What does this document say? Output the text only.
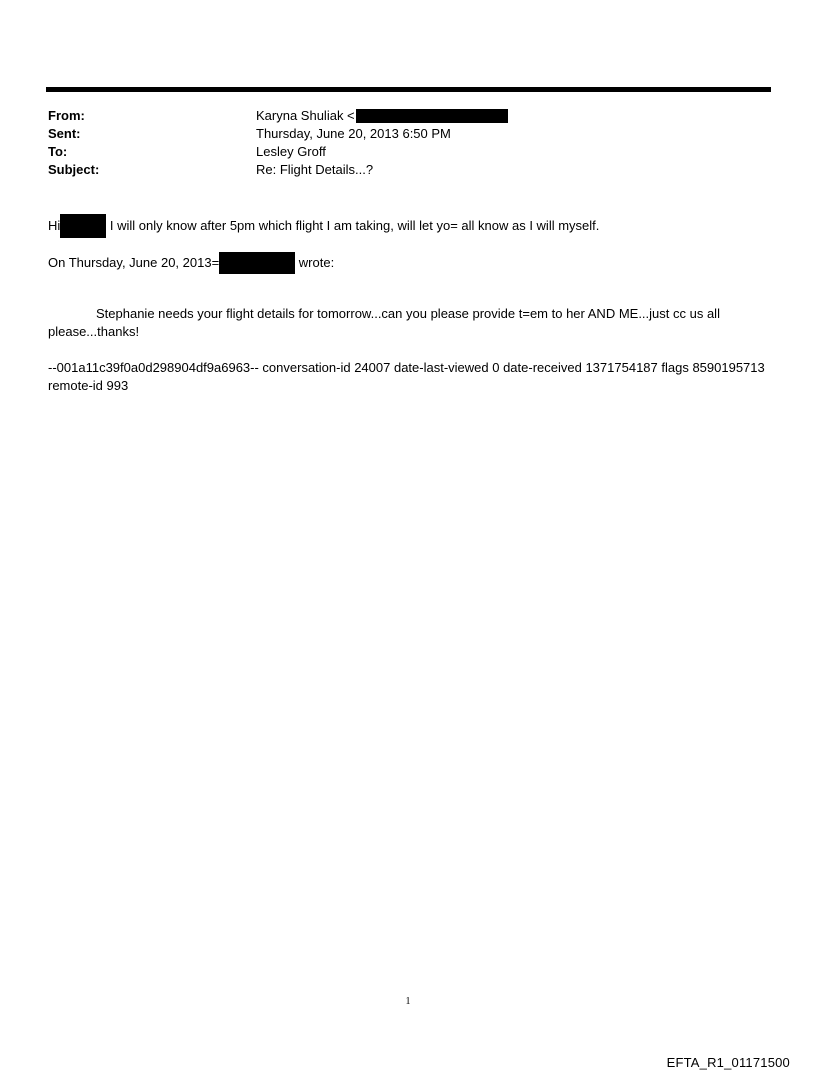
From:	Karyna Shuliak <
Sent:	Thursday, June 20, 2013 6:50 PM
To:	Lesley Groff
Subject:	Re: Flight Details...?
Hi	I will only know after 5pm which flight I am taking, will let yo= all know as I will myself.
On Thursday, June 20, 2013=	wrote:
Stephanie needs your flight details for tomorrow...can you please provide t=em to her AND ME...just cc us all please...thanks!
--001a11c39f0a0d298904df9a6963-- conversation-id 24007 date-last-viewed 0 date-received 1371754187 flags 8590195713 remote-id 993
1
EFTA_R1_01171500
